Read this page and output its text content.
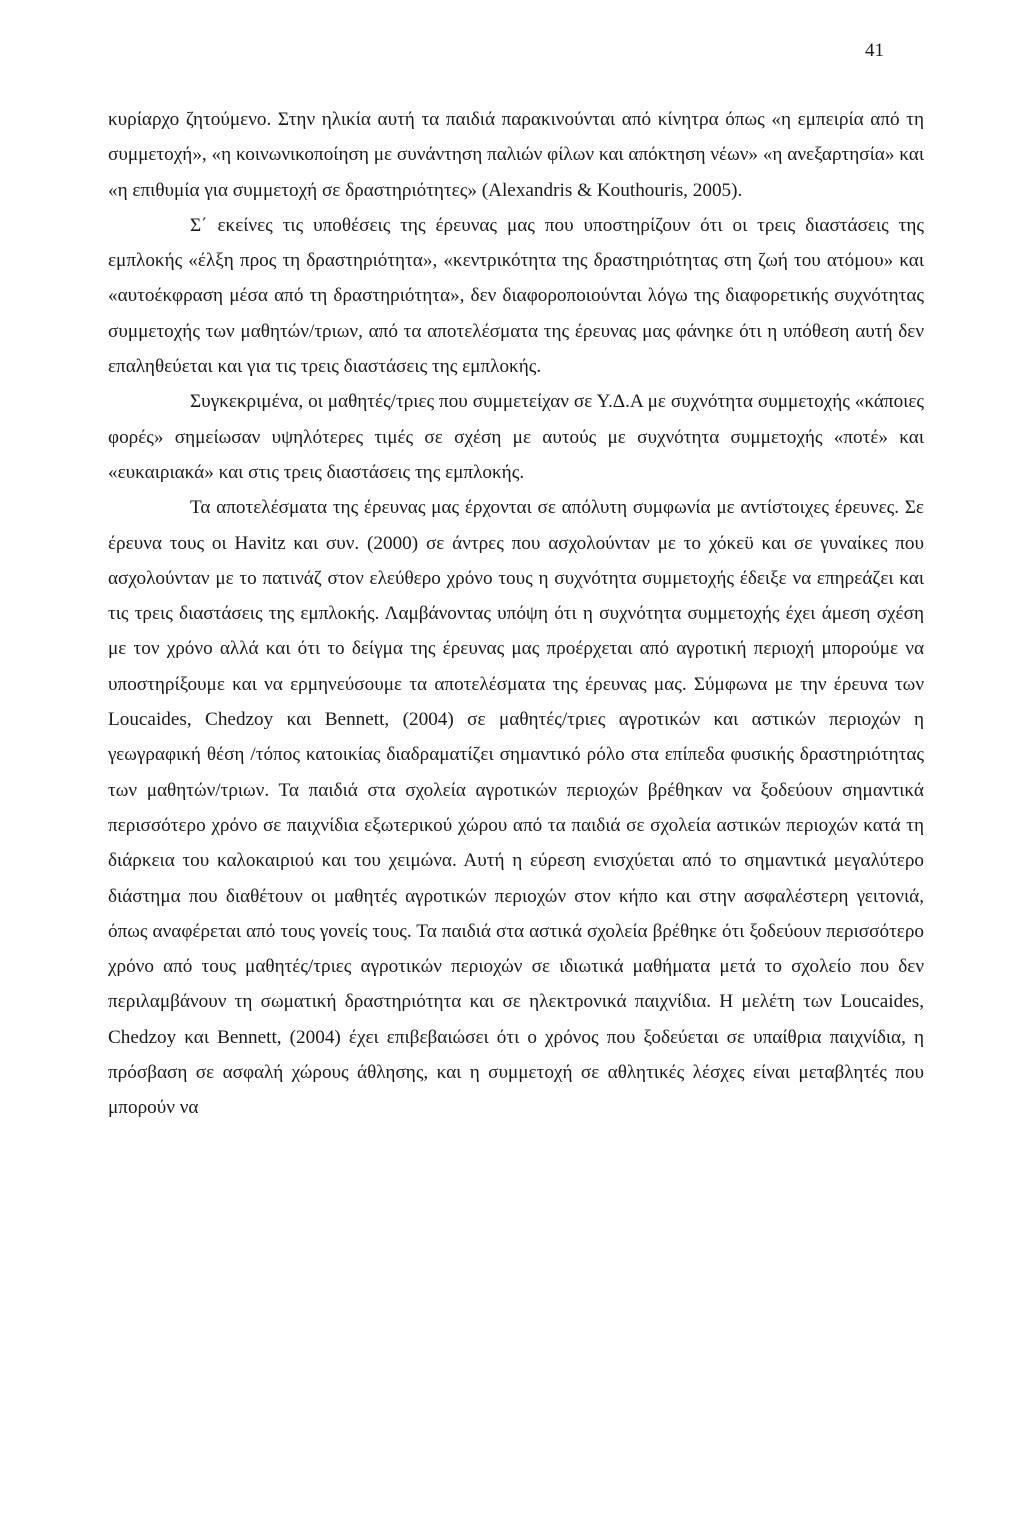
41

κυρίαρχο ζητούμενο. Στην ηλικία αυτή τα παιδιά παρακινούνται από κίνητρα όπως «η εμπειρία από τη συμμετοχή», «η κοινωνικοποίηση με συνάντηση παλιών φίλων και απόκτηση νέων» «η ανεξαρτησία» και «η επιθυμία για συμμετοχή σε δραστηριότητες» (Alexandris & Kouthouris, 2005).

Σ΄ εκείνες τις υποθέσεις της έρευνας μας που υποστηρίζουν ότι οι τρεις διαστάσεις της εμπλοκής «έλξη προς τη δραστηριότητα», «κεντρικότητα της δραστηριότητας στη ζωή του ατόμου» και «αυτοέκφραση μέσα από τη δραστηριότητα», δεν διαφοροποιούνται λόγω της διαφορετικής συχνότητας συμμετοχής των μαθητών/τριων, από τα αποτελέσματα της έρευνας μας φάνηκε ότι η υπόθεση αυτή δεν επαληθεύεται και για τις τρεις διαστάσεις της εμπλοκής.

Συγκεκριμένα, οι μαθητές/τριες που συμμετείχαν σε Υ.Δ.Α με συχνότητα συμμετοχής «κάποιες φορές» σημείωσαν υψηλότερες τιμές σε σχέση με αυτούς με συχνότητα συμμετοχής «ποτέ» και «ευκαιριακά» και στις τρεις διαστάσεις της εμπλοκής.

Τα αποτελέσματα της έρευνας μας έρχονται σε απόλυτη συμφωνία με αντίστοιχες έρευνες. Σε έρευνα τους οι Havitz και συν. (2000) σε άντρες που ασχολούνταν με το χόκεϋ και σε γυναίκες που ασχολούνταν με το πατινάζ στον ελεύθερο χρόνο τους η συχνότητα συμμετοχής έδειξε να επηρεάζει και τις τρεις διαστάσεις της εμπλοκής. Λαμβάνοντας υπόψη ότι η συχνότητα συμμετοχής έχει άμεση σχέση με τον χρόνο αλλά και ότι το δείγμα της έρευνας μας προέρχεται από αγροτική περιοχή μπορούμε να υποστηρίξουμε και να ερμηνεύσουμε τα αποτελέσματα της έρευνας μας. Σύμφωνα με την έρευνα των Loucaides, Chedzoy και Bennett, (2004) σε μαθητές/τριες αγροτικών και αστικών περιοχών η γεωγραφική θέση /τόπος κατοικίας διαδραματίζει σημαντικό ρόλο στα επίπεδα φυσικής δραστηριότητας των μαθητών/τριων. Τα παιδιά στα σχολεία αγροτικών περιοχών βρέθηκαν να ξοδεύουν σημαντικά περισσότερο χρόνο σε παιχνίδια εξωτερικού χώρου από τα παιδιά σε σχολεία αστικών περιοχών κατά τη διάρκεια του καλοκαιριού και του χειμώνα. Αυτή η εύρεση ενισχύεται από το σημαντικά μεγαλύτερο διάστημα που διαθέτουν οι μαθητές αγροτικών περιοχών στον κήπο και στην ασφαλέστερη γειτονιά, όπως αναφέρεται από τους γονείς τους. Τα παιδιά στα αστικά σχολεία βρέθηκε ότι ξοδεύουν περισσότερο χρόνο από τους μαθητές/τριες αγροτικών περιοχών σε ιδιωτικά μαθήματα μετά το σχολείο που δεν περιλαμβάνουν τη σωματική δραστηριότητα και σε ηλεκτρονικά παιχνίδια. Η μελέτη των Loucaides, Chedzoy και Bennett, (2004) έχει επιβεβαιώσει ότι ο χρόνος που ξοδεύεται σε υπαίθρια παιχνίδια, η πρόσβαση σε ασφαλή χώρους άθλησης, και η συμμετοχή σε αθλητικές λέσχες είναι μεταβλητές που μπορούν να
